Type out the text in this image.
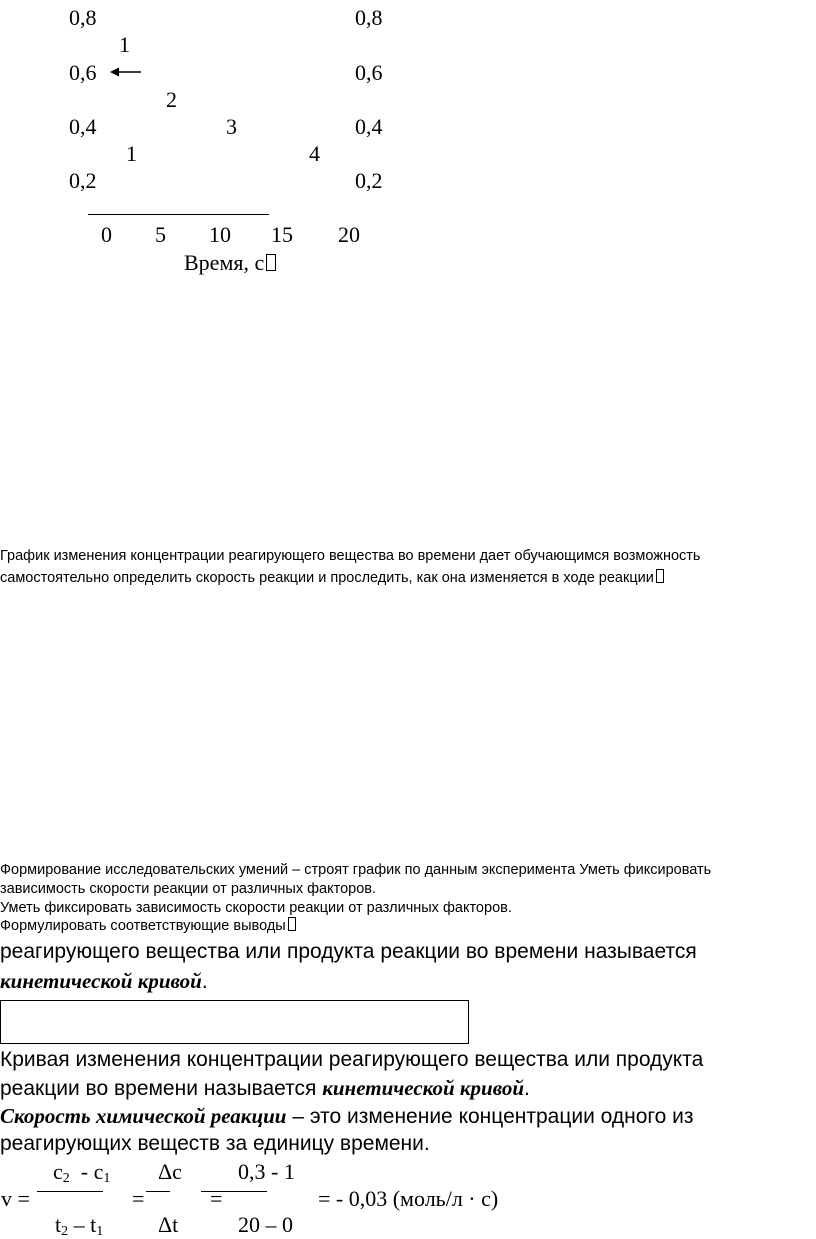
0,8
0,6
0,4
0,2
0,8
0,6
0,4
0,2
1
2
3
1	4
0 5 10 15 20
Время, с
График изменения концентрации реагирующего вещества во времени дает обучающимся возможность
самостоятельно определить скорость реакции и проследить, как она изменяется в ходе реакции
Формирование исследовательских умений – строят график по данным эксперимента Уметь фиксировать
зависимость скорости реакции от различных факторов.
Уметь фиксировать зависимость скорости реакции от различных факторов.
Формулировать соответствующие выводы
реагирующего вещества или продукта реакции во времени называется
кинетической кривой.
Кривая изменения концентрации реагирующего вещества или продукта
реакции во времени называется кинетической кривой.
Скорость химической реакции – это изменение концентрации одного из
реагирующих веществ за единицу времени.
$c_2 - c_1$
v =
$t_2 - t_1$
=
Δc
Δt
=
0,3 - 1
20 – 0
= - 0,03 (моль/л · с)
